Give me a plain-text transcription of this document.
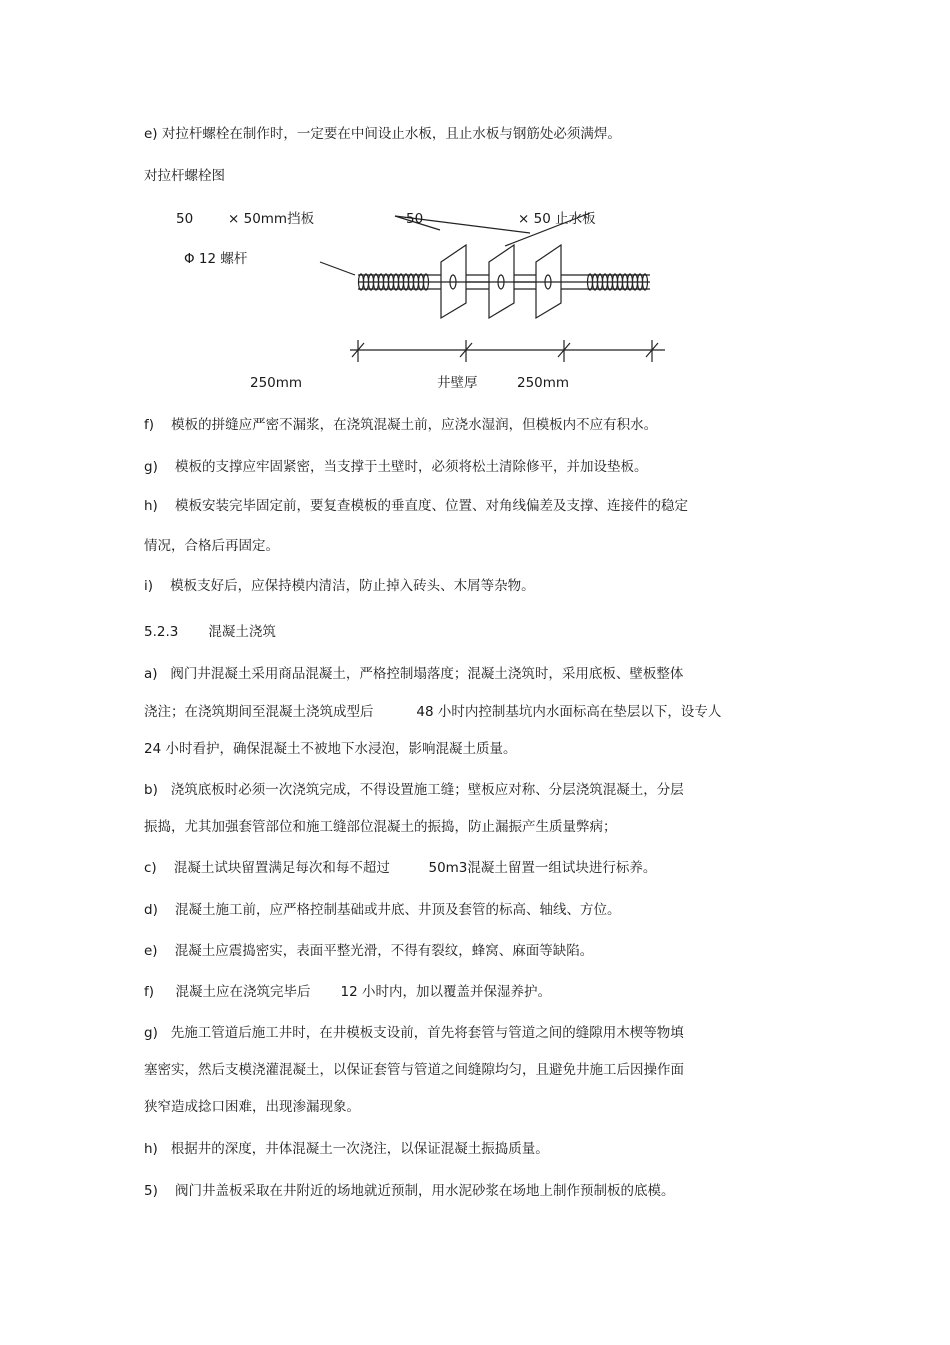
e) 对拉杆螺栓在制作时，一定要在中间设止水板，且止水板与钢筋处必须满焊。
对拉杆螺栓图
50	× 50mm挡板	50	× 50 止水板
Φ 12 螺杆
250mm	井壁厚	250mm
f)    模板的拼缝应严密不漏浆，在浇筑混凝土前，应浇水湿润，但模板内不应有积水。
g)    模板的支撑应牢固紧密，当支撑于土壁时，必须将松土清除修平，并加设垫板。
h)    模板安装完毕固定前，要复查模板的垂直度、位置、对角线偏差及支撑、连接件的稳定
情况，合格后再固定。
i)    模板支好后，应保持模内清洁，防止掉入砖头、木屑等杂物。
5.2.3       混凝土浇筑
a)   阀门井混凝土采用商品混凝土，严格控制塌落度；混凝土浇筑时，采用底板、壁板整体
浇注；在浇筑期间至混凝土浇筑成型后          48 小时内控制基坑内水面标高在垫层以下，设专人
24 小时看护，确保混凝土不被地下水浸泡，影响混凝土质量。
b)   浇筑底板时必须一次浇筑完成，不得设置施工缝；壁板应对称、分层浇筑混凝土，分层
振捣，尤其加强套管部位和施工缝部位混凝土的振捣，防止漏振产生质量弊病；
c)    混凝土试块留置满足每次和每不超过         50m3混凝土留置一组试块进行标养。
d)    混凝土施工前，应严格控制基础或井底、井顶及套管的标高、轴线、方位。
e)    混凝土应震捣密实，表面平整光滑，不得有裂纹，蜂窝、麻面等缺陷。
f)     混凝土应在浇筑完毕后       12 小时内，加以覆盖并保湿养护。
g)   先施工管道后施工井时，在井模板支设前，首先将套管与管道之间的缝隙用木楔等物填
塞密实，然后支模浇灌混凝土，以保证套管与管道之间缝隙均匀，且避免井施工后因操作面
狭窄造成捻口困难，出现渗漏现象。
h)   根据井的深度，井体混凝土一次浇注，以保证混凝土振捣质量。
5)    阀门井盖板采取在井附近的场地就近预制，用水泥砂浆在场地上制作预制板的底模。
